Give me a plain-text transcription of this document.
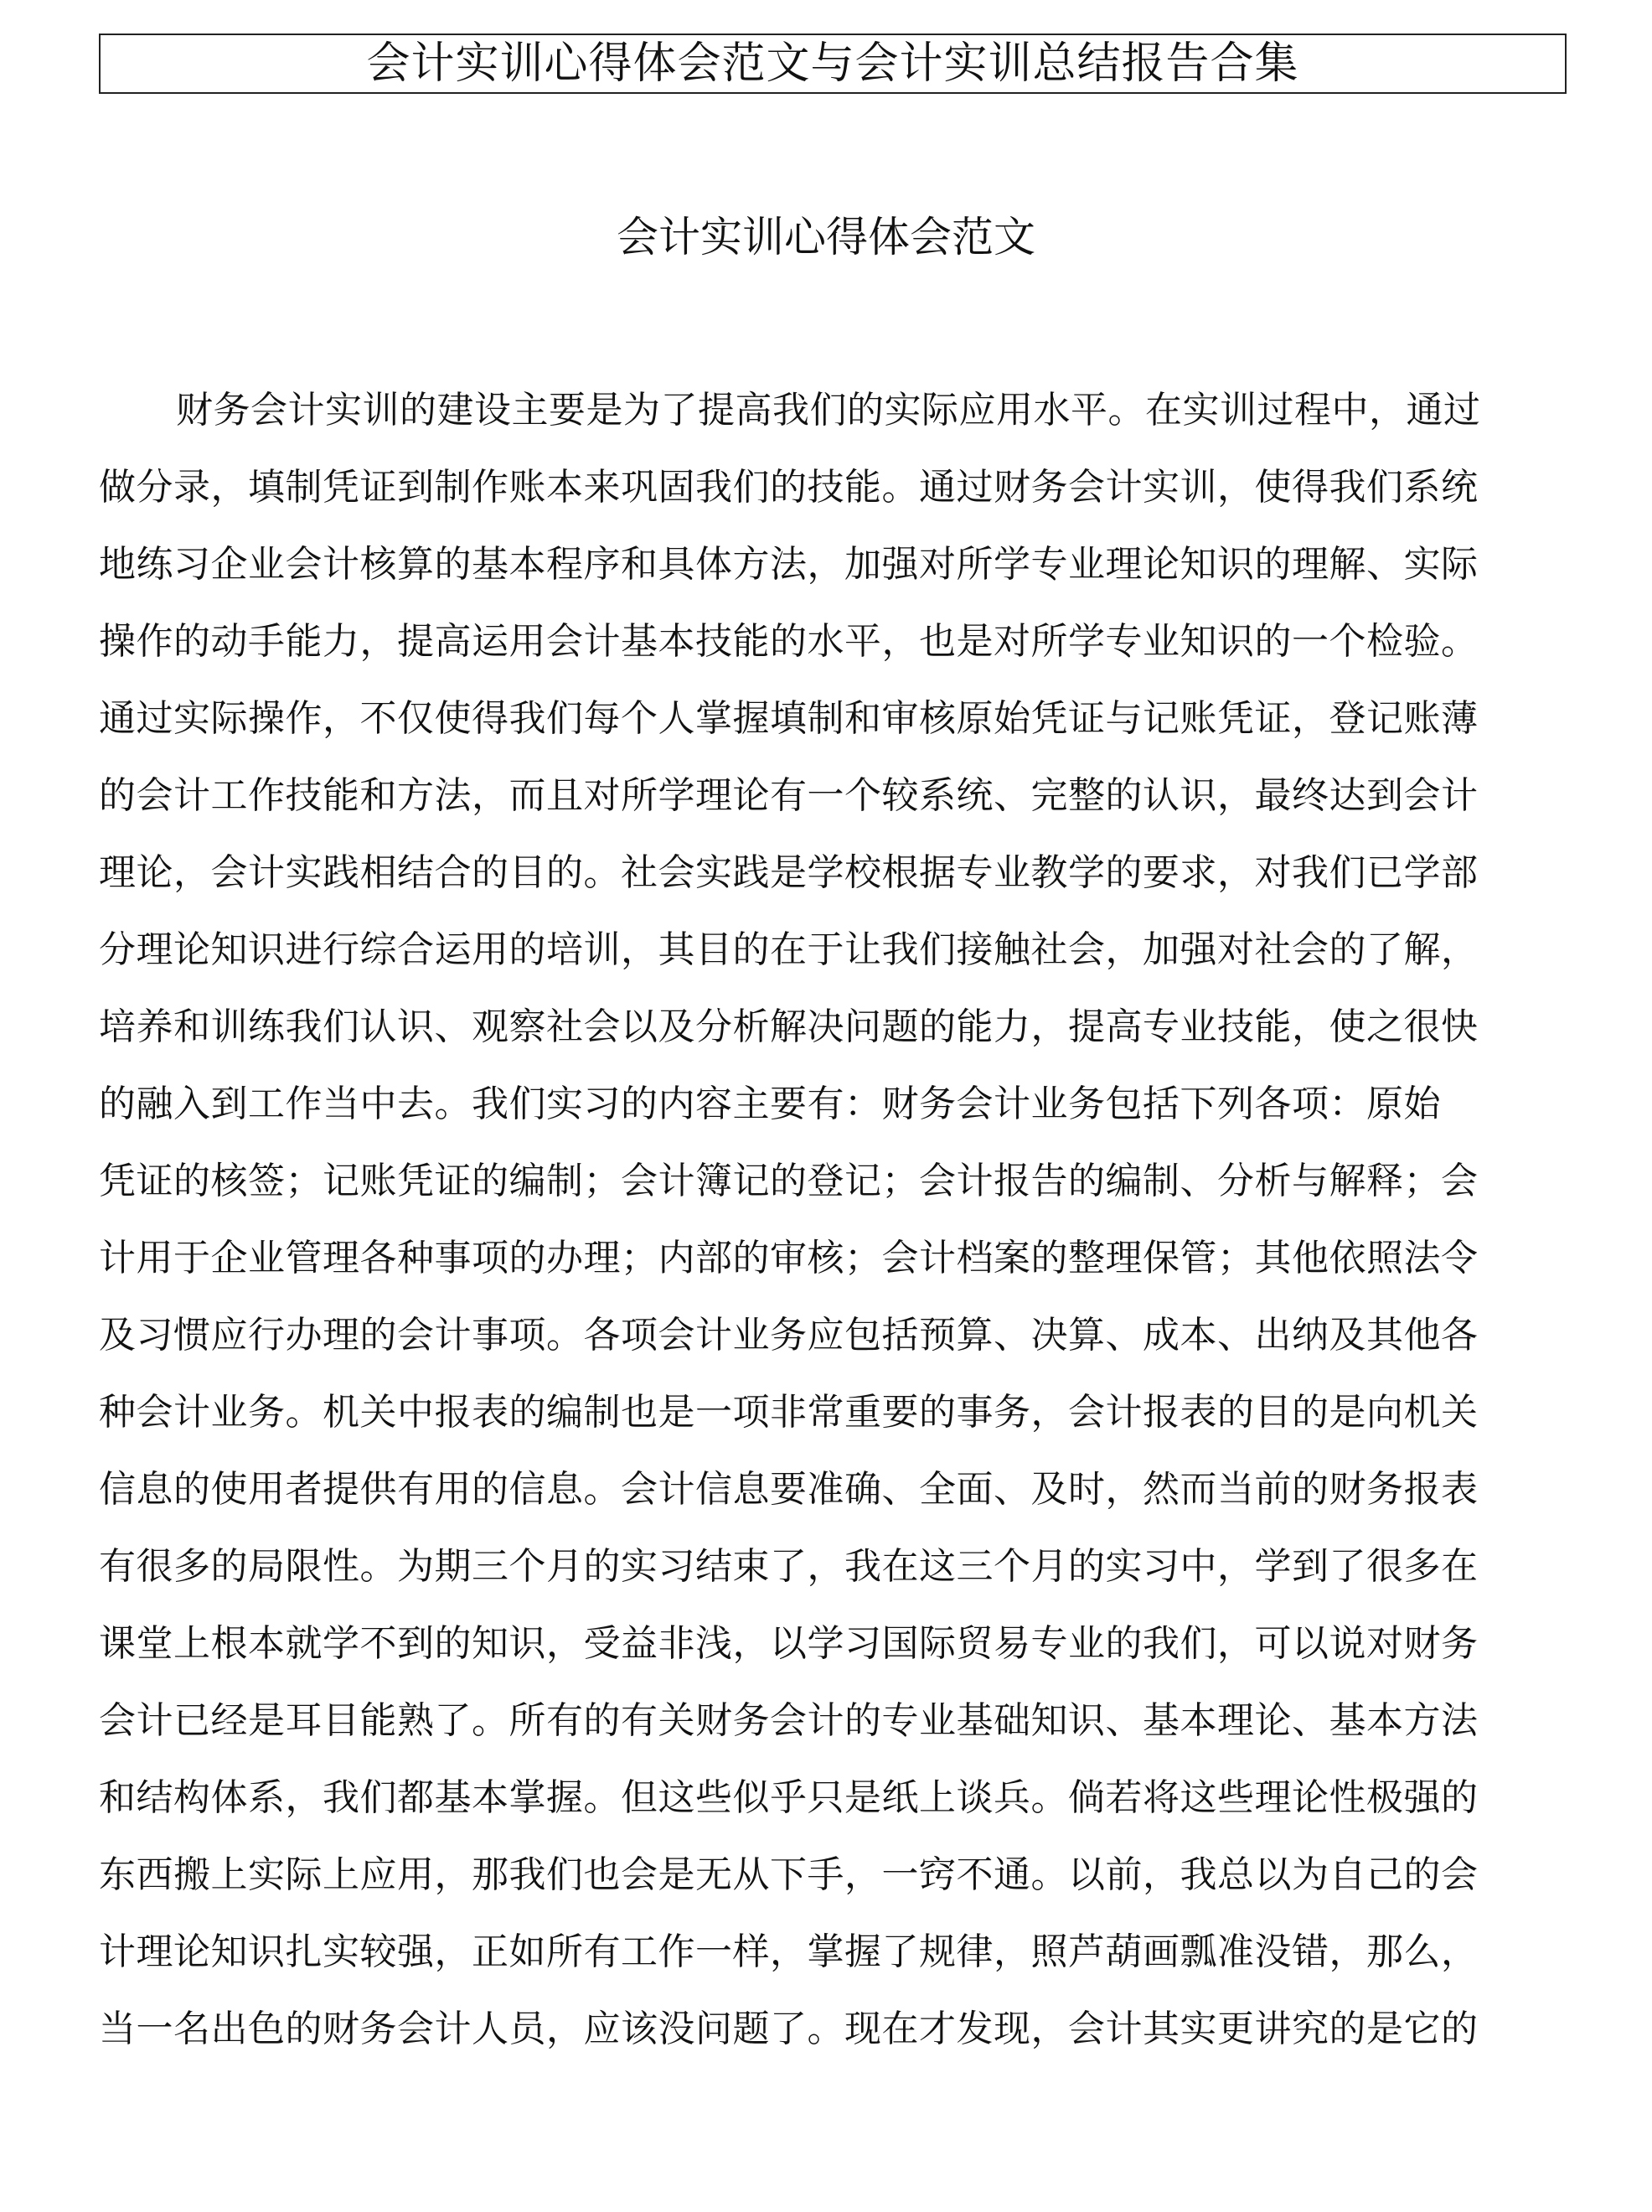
会计实训心得体会范文与会计实训总结报告合集
会计实训心得体会范文
财务会计实训的建设主要是为了提高我们的实际应用水平。在实训过程中，通过
做分录，填制凭证到制作账本来巩固我们的技能。通过财务会计实训，使得我们系统
地练习企业会计核算的基本程序和具体方法，加强对所学专业理论知识的理解、实际
操作的动手能力，提高运用会计基本技能的水平，也是对所学专业知识的一个检验。
通过实际操作，不仅使得我们每个人掌握填制和审核原始凭证与记账凭证，登记账薄
的会计工作技能和方法，而且对所学理论有一个较系统、完整的认识，最终达到会计
理论，会计实践相结合的目的。社会实践是学校根据专业教学的要求，对我们已学部
分理论知识进行综合运用的培训，其目的在于让我们接触社会，加强对社会的了解，
培养和训练我们认识、观察社会以及分析解决问题的能力，提高专业技能，使之很快
的融入到工作当中去。我们实习的内容主要有：财务会计业务包括下列各项：原始
凭证的核签；记账凭证的编制；会计簿记的登记；会计报告的编制、分析与解释；会
计用于企业管理各种事项的办理；内部的审核；会计档案的整理保管；其他依照法令
及习惯应行办理的会计事项。各项会计业务应包括预算、决算、成本、出纳及其他各
种会计业务。机关中报表的编制也是一项非常重要的事务，会计报表的目的是向机关
信息的使用者提供有用的信息。会计信息要准确、全面、及时，然而当前的财务报表
有很多的局限性。为期三个月的实习结束了，我在这三个月的实习中，学到了很多在
课堂上根本就学不到的知识，受益非浅，以学习国际贸易专业的我们，可以说对财务
会计已经是耳目能熟了。所有的有关财务会计的专业基础知识、基本理论、基本方法
和结构体系，我们都基本掌握。但这些似乎只是纸上谈兵。倘若将这些理论性极强的
东西搬上实际上应用，那我们也会是无从下手，一窍不通。以前，我总以为自己的会
计理论知识扎实较强，正如所有工作一样，掌握了规律，照芦葫画瓢准没错，那么，
当一名出色的财务会计人员，应该没问题了。现在才发现，会计其实更讲究的是它的
